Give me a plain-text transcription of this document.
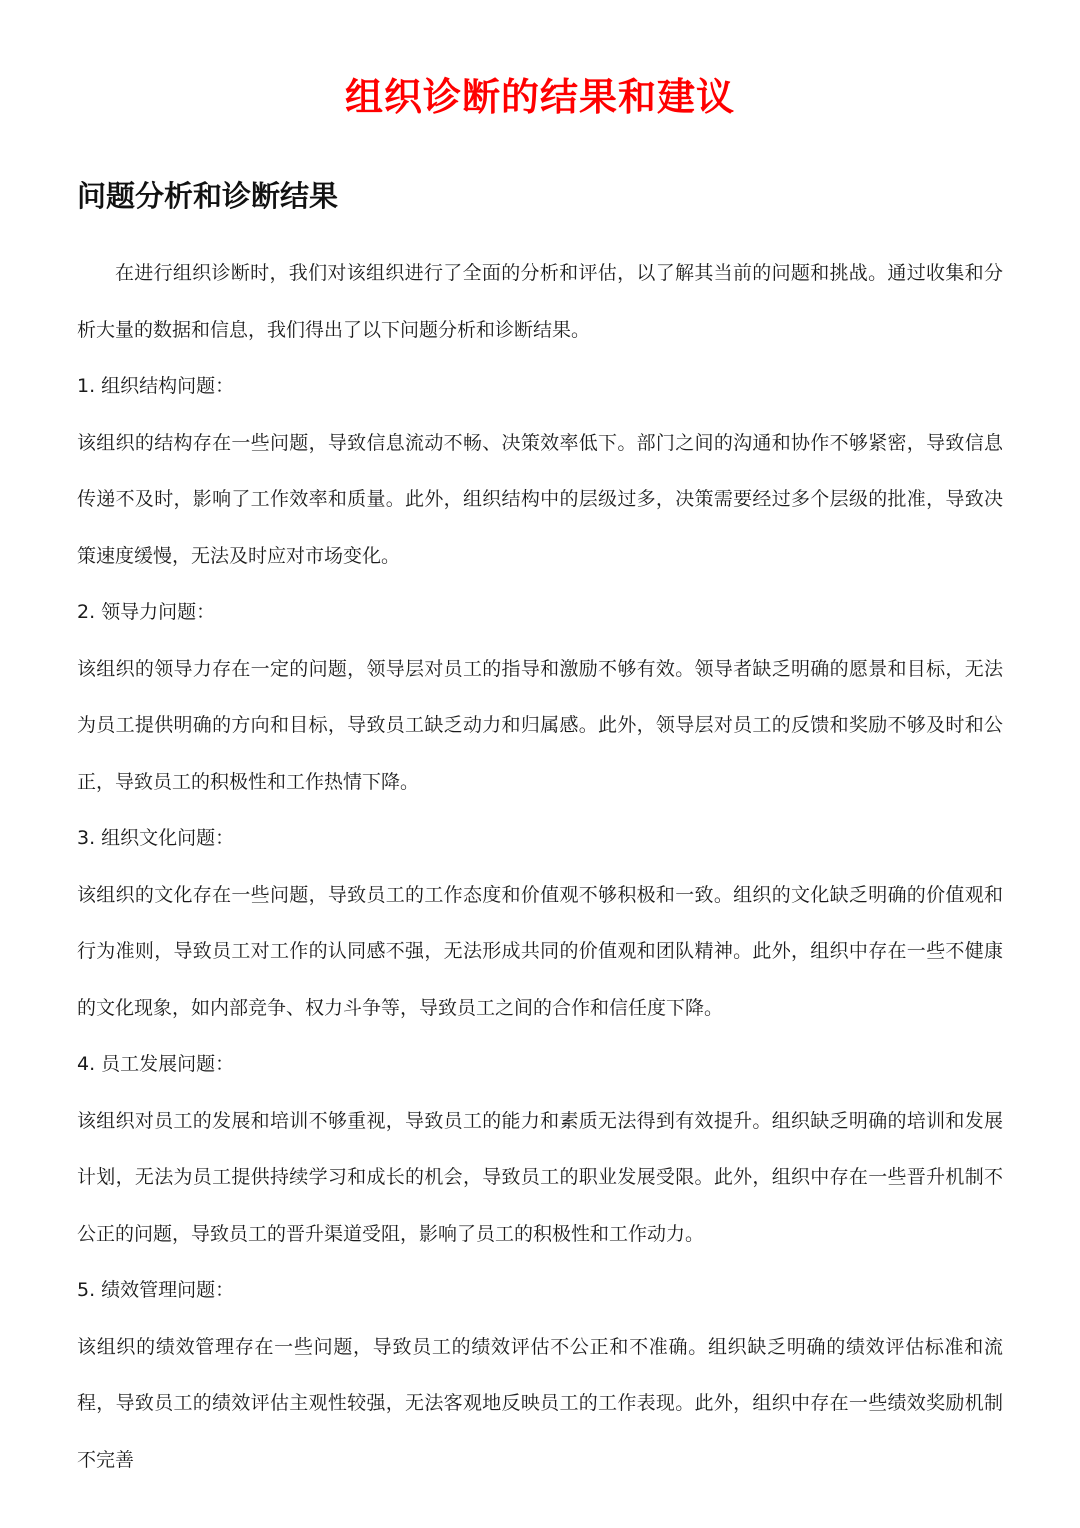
组织诊断的结果和建议
问题分析和诊断结果

在进行组织诊断时，我们对该组织进行了全面的分析和评估，以了解其当前的问题和挑战。通过收集和分析大量的数据和信息，我们得出了以下问题分析和诊断结果。

1. 组织结构问题：

该组织的结构存在一些问题，导致信息流动不畅、决策效率低下。部门之间的沟通和协作不够紧密，导致信息传递不及时，影响了工作效率和质量。此外，组织结构中的层级过多，决策需要经过多个层级的批准，导致决策速度缓慢，无法及时应对市场变化。

2. 领导力问题：

该组织的领导力存在一定的问题，领导层对员工的指导和激励不够有效。领导者缺乏明确的愿景和目标，无法为员工提供明确的方向和目标，导致员工缺乏动力和归属感。此外，领导层对员工的反馈和奖励不够及时和公正，导致员工的积极性和工作热情下降。

3. 组织文化问题：

该组织的文化存在一些问题，导致员工的工作态度和价值观不够积极和一致。组织的文化缺乏明确的价值观和行为准则，导致员工对工作的认同感不强，无法形成共同的价值观和团队精神。此外，组织中存在一些不健康的文化现象，如内部竞争、权力斗争等，导致员工之间的合作和信任度下降。

4. 员工发展问题：

该组织对员工的发展和培训不够重视，导致员工的能力和素质无法得到有效提升。组织缺乏明确的培训和发展计划，无法为员工提供持续学习和成长的机会，导致员工的职业发展受限。此外，组织中存在一些晋升机制不公正的问题，导致员工的晋升渠道受阻，影响了员工的积极性和工作动力。

5. 绩效管理问题：

该组织的绩效管理存在一些问题，导致员工的绩效评估不公正和不准确。组织缺乏明确的绩效评估标准和流程，导致员工的绩效评估主观性较强，无法客观地反映员工的工作表现。此外，组织中存在一些绩效奖励机制不完善
